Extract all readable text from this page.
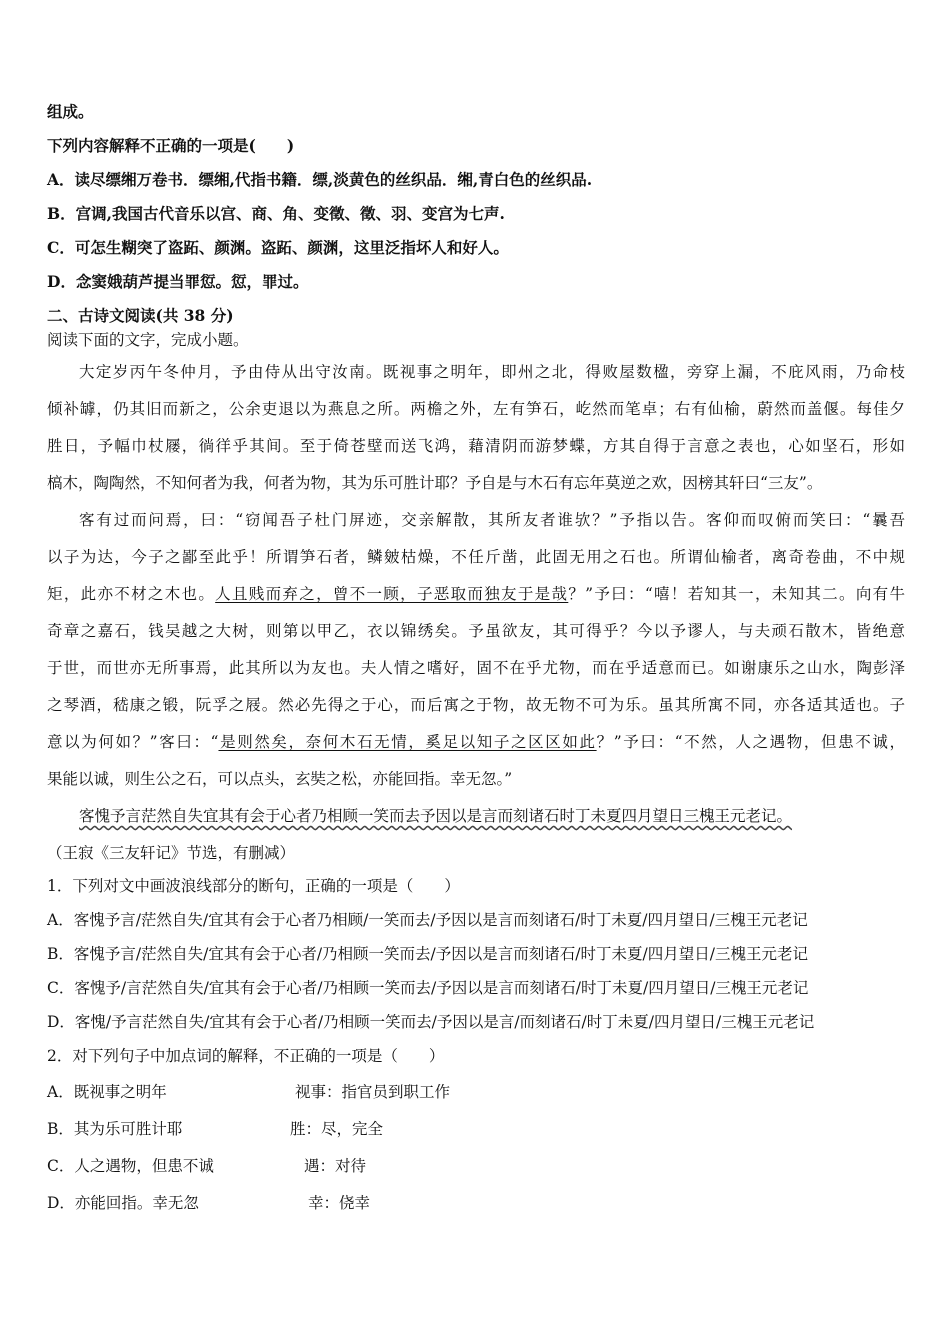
组成。
下列内容解释不正确的一项是(　　)
A．读尽缥缃万卷书．缥缃,代指书籍．缥,淡黄色的丝织品．缃,青白色的丝织品.
B．宫调,我国古代音乐以宫、商、角、变徵、徵、羽、变宫为七声.
C．可怎生糊突了盗跖、颜渊。盗跖、颜渊，这里泛指坏人和好人。
D．念窦娥葫芦提当罪愆。愆，罪过。
二、古诗文阅读(共 38 分)
阅读下面的文字，完成小题。
大定岁丙午冬仲月，予由侍从出守汝南。既视事之明年，即州之北，得败屋数楹，旁穿上漏，不庇风雨，乃命枝
倾补罅，仍其旧而新之，公余吏退以为燕息之所。两檐之外，左有笋石，屹然而笔卓；右有仙榆，蔚然而盖偃。每佳夕
胜日，予幅巾杖屦，徜徉乎其间。至于倚苍壁而送飞鸿，藉清阴而游梦蝶，方其自得于言意之表也，心如坚石，形如
槁木，陶陶然，不知何者为我，何者为物，其为乐可胜计耶？予自是与木石有忘年莫逆之欢，因榜其轩曰“三友”。
客有过而问焉，曰：“窃闻吾子杜门屏迹，交亲解散，其所友者谁欤？”予指以告。客仰而叹俯而笑曰：“曩吾
以子为达，今子之鄙至此乎！所谓笋石者，鳞皴枯燥，不任斤凿，此固无用之石也。所谓仙榆者，离奇卷曲，不中规
矩，此亦不材之木也。人且贱而弃之，曾不一顾，子恶取而独友于是哉？”予曰：“嘻！若知其一，未知其二。向有牛
奇章之嘉石，钱吴越之大树，则第以甲乙，衣以锦绣矣。予虽欲友，其可得乎？今以予谬人，与夫顽石散木，皆绝意
于世，而世亦无所事焉，此其所以为友也。夫人情之嗜好，固不在乎尤物，而在乎适意而已。如谢康乐之山水，陶彭泽
之琴酒，嵇康之锻，阮孚之屐。然必先得之于心，而后寓之于物，故无物不可为乐。虽其所寓不同，亦各适其适也。子
意以为何如？”客曰：“是则然矣，奈何木石无情，奚足以知子之区区如此？”予曰：“不然，人之遇物，但患不诚，
果能以诚，则生公之石，可以点头，玄奘之松，亦能回指。幸无忽。”
客愧予言茫然自失宜其有会于心者乃相顾一笑而去予因以是言而刻诸石时丁未夏四月望日三槐王元老记。
（王寂《三友轩记》节选，有删减）
1．下列对文中画波浪线部分的断句，正确的一项是（　　）
A．客愧予言/茫然自失/宜其有会于心者乃相顾/一笑而去/予因以是言而刻诸石/时丁未夏/四月望日/三槐王元老记
B．客愧予言/茫然自失/宜其有会于心者/乃相顾一笑而去/予因以是言而刻诸石/时丁未夏/四月望日/三槐王元老记
C．客愧予/言茫然自失/宜其有会于心者/乃相顾一笑而去/予因以是言而刻诸石/时丁未夏/四月望日/三槐王元老记
D．客愧/予言茫然自失/宜其有会于心者/乃相顾一笑而去/予因以是言/而刻诸石/时丁未夏/四月望日/三槐王元老记
2．对下列句子中加点词的解释，不正确的一项是（　　）
A．既视事之明年	视事：指官员到职工作
B．其为乐可胜计耶	胜：尽，完全
C．人之遇物，但患不诚	遇：对待
D．亦能回指。幸无忽	幸：侥幸
